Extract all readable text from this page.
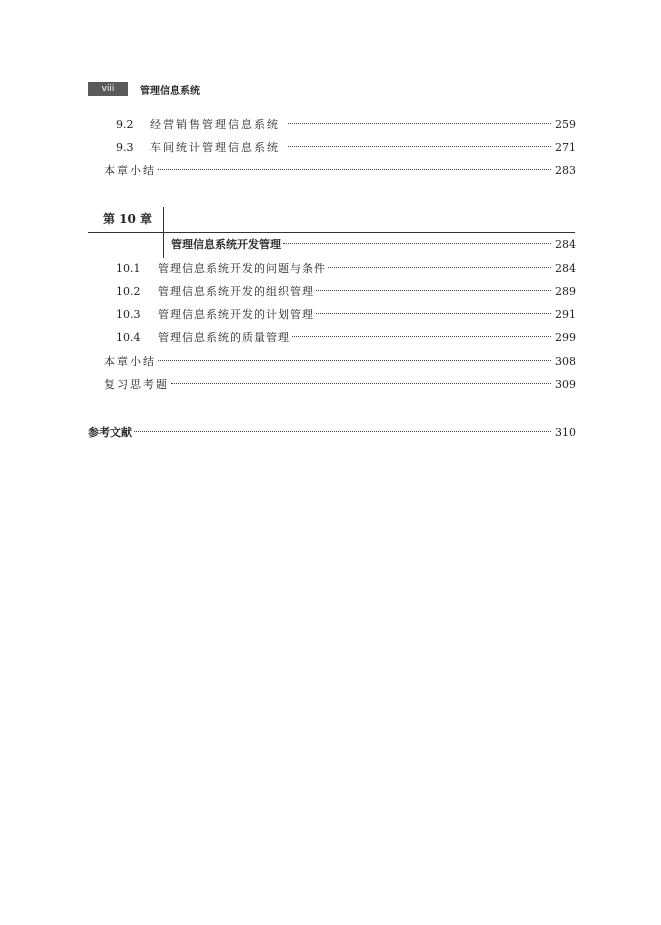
viii	管理信息系统
9.2	经营销售管理信息系统	259
9.3	车间统计管理信息系统	271
本章小结	283
第 10 章
管理信息系统开发管理	284
10.1	管理信息系统开发的问题与条件	284
10.2	管理信息系统开发的组织管理	289
10.3	管理信息系统开发的计划管理	291
10.4	管理信息系统的质量管理	299
本章小结	308
复习思考题	309
参考文献	310
